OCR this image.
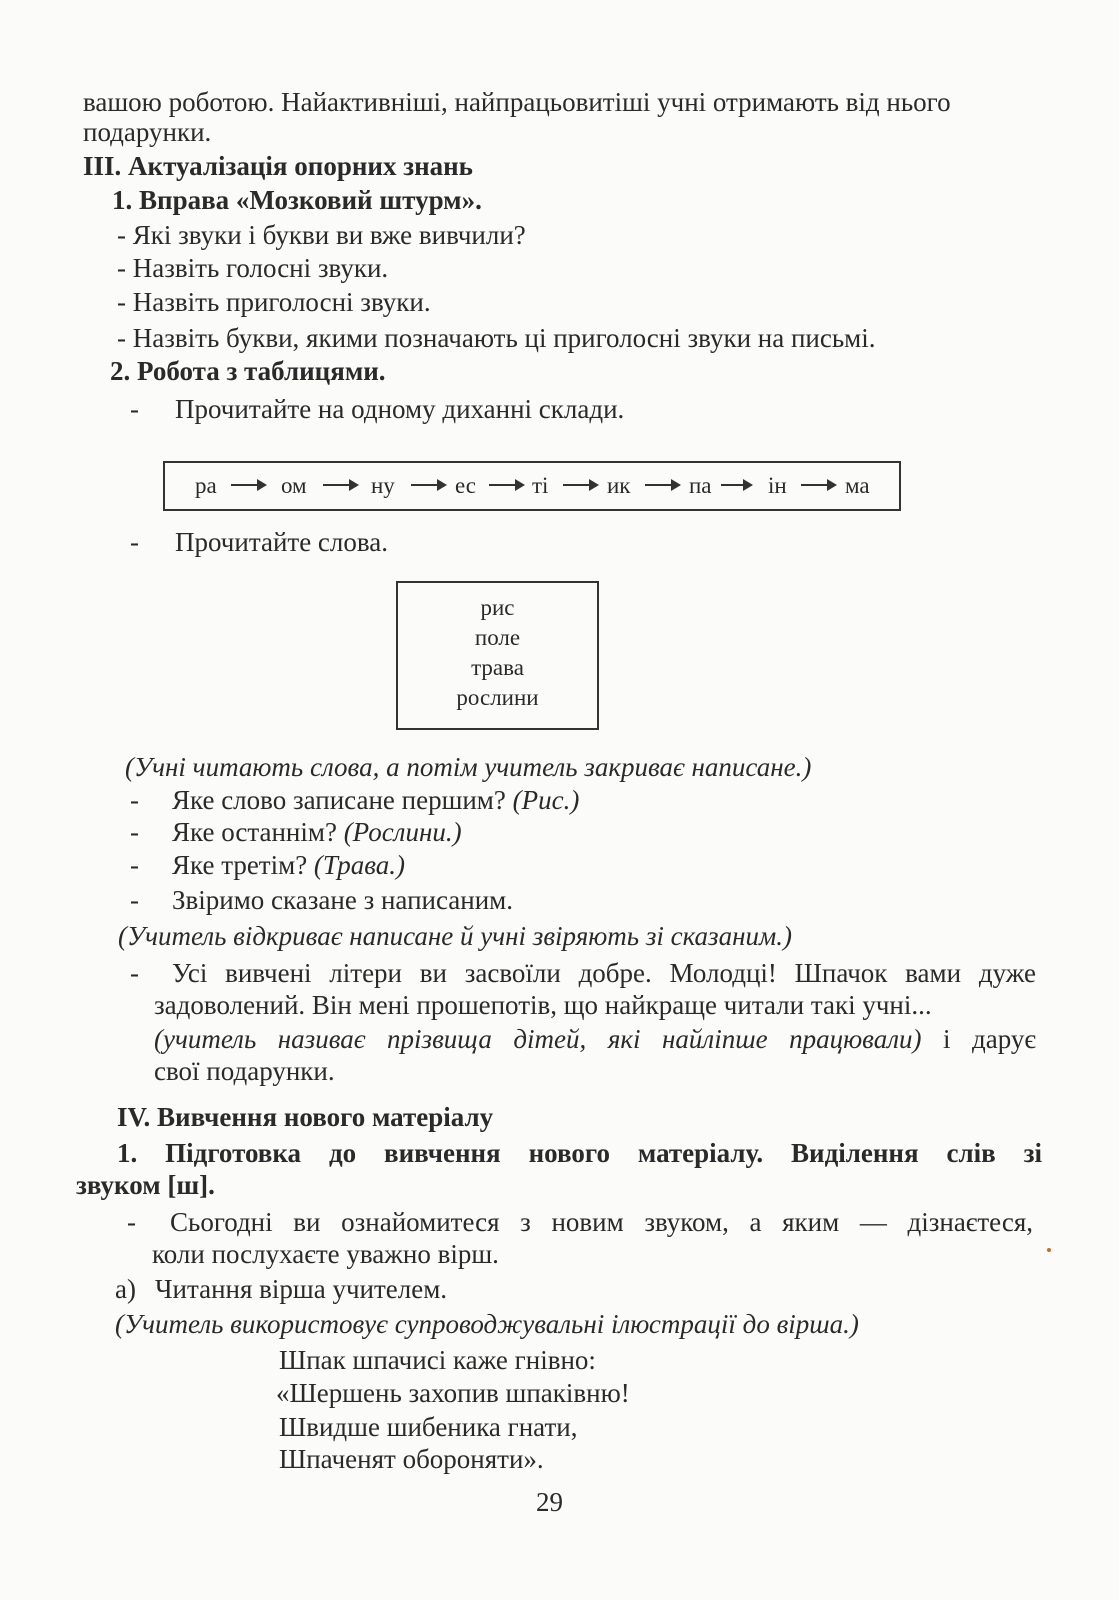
вашою роботою. Найактивніші, найпрацьовитіші учні отримають від нього
подарунки.
ІІІ. Актуалізація опорних знань
1. Вправа «Мозковий штурм».
- Які звуки і букви ви вже вивчили?
- Назвіть голосні звуки.
- Назвіть приголосні звуки.
- Назвіть букви, якими позначають ці приголосні звуки на письмі.
2. Робота з таблицями.
- Прочитайте на одному диханні склади.
ра	ом	ну	ес ті	ик	па ін	ма
- Прочитайте слова.
рис
поле
трава
рослини
(Учні читають слова, а потім учитель закриває написане.)
- Яке слово записане першим? (Рис.)
- Яке останнім? (Рослини.)
- Яке третім? (Трава.)
- Звіримо сказане з написаним.
(Учитель відкриває написане й учні звіряють зі сказаним.)
- Усі вивчені літери ви засвоїли добре. Молодці! Шпачок вами дуже
задоволений. Він мені прошепотів, що найкраще читали такі учні...
(учитель називає прізвища дітей, які найліпше працювали) і дарує
свої подарунки.
IV. Вивчення нового матеріалу
1. Підготовка до вивчення нового матеріалу. Виділення слів зі
звуком [ш].
- Сьогодні ви ознайомитеся з новим звуком, а яким — дізнаєтеся,
коли послухаєте уважно вірш.
а) Читання вірша учителем.
(Учитель використовує супроводжувальні ілюстрації до вірша.)
Шпак шпачисі каже гнівно:
«Шершень захопив шпаківню!
Швидше шибеника гнати,
Шпаченят обороняти».
29
